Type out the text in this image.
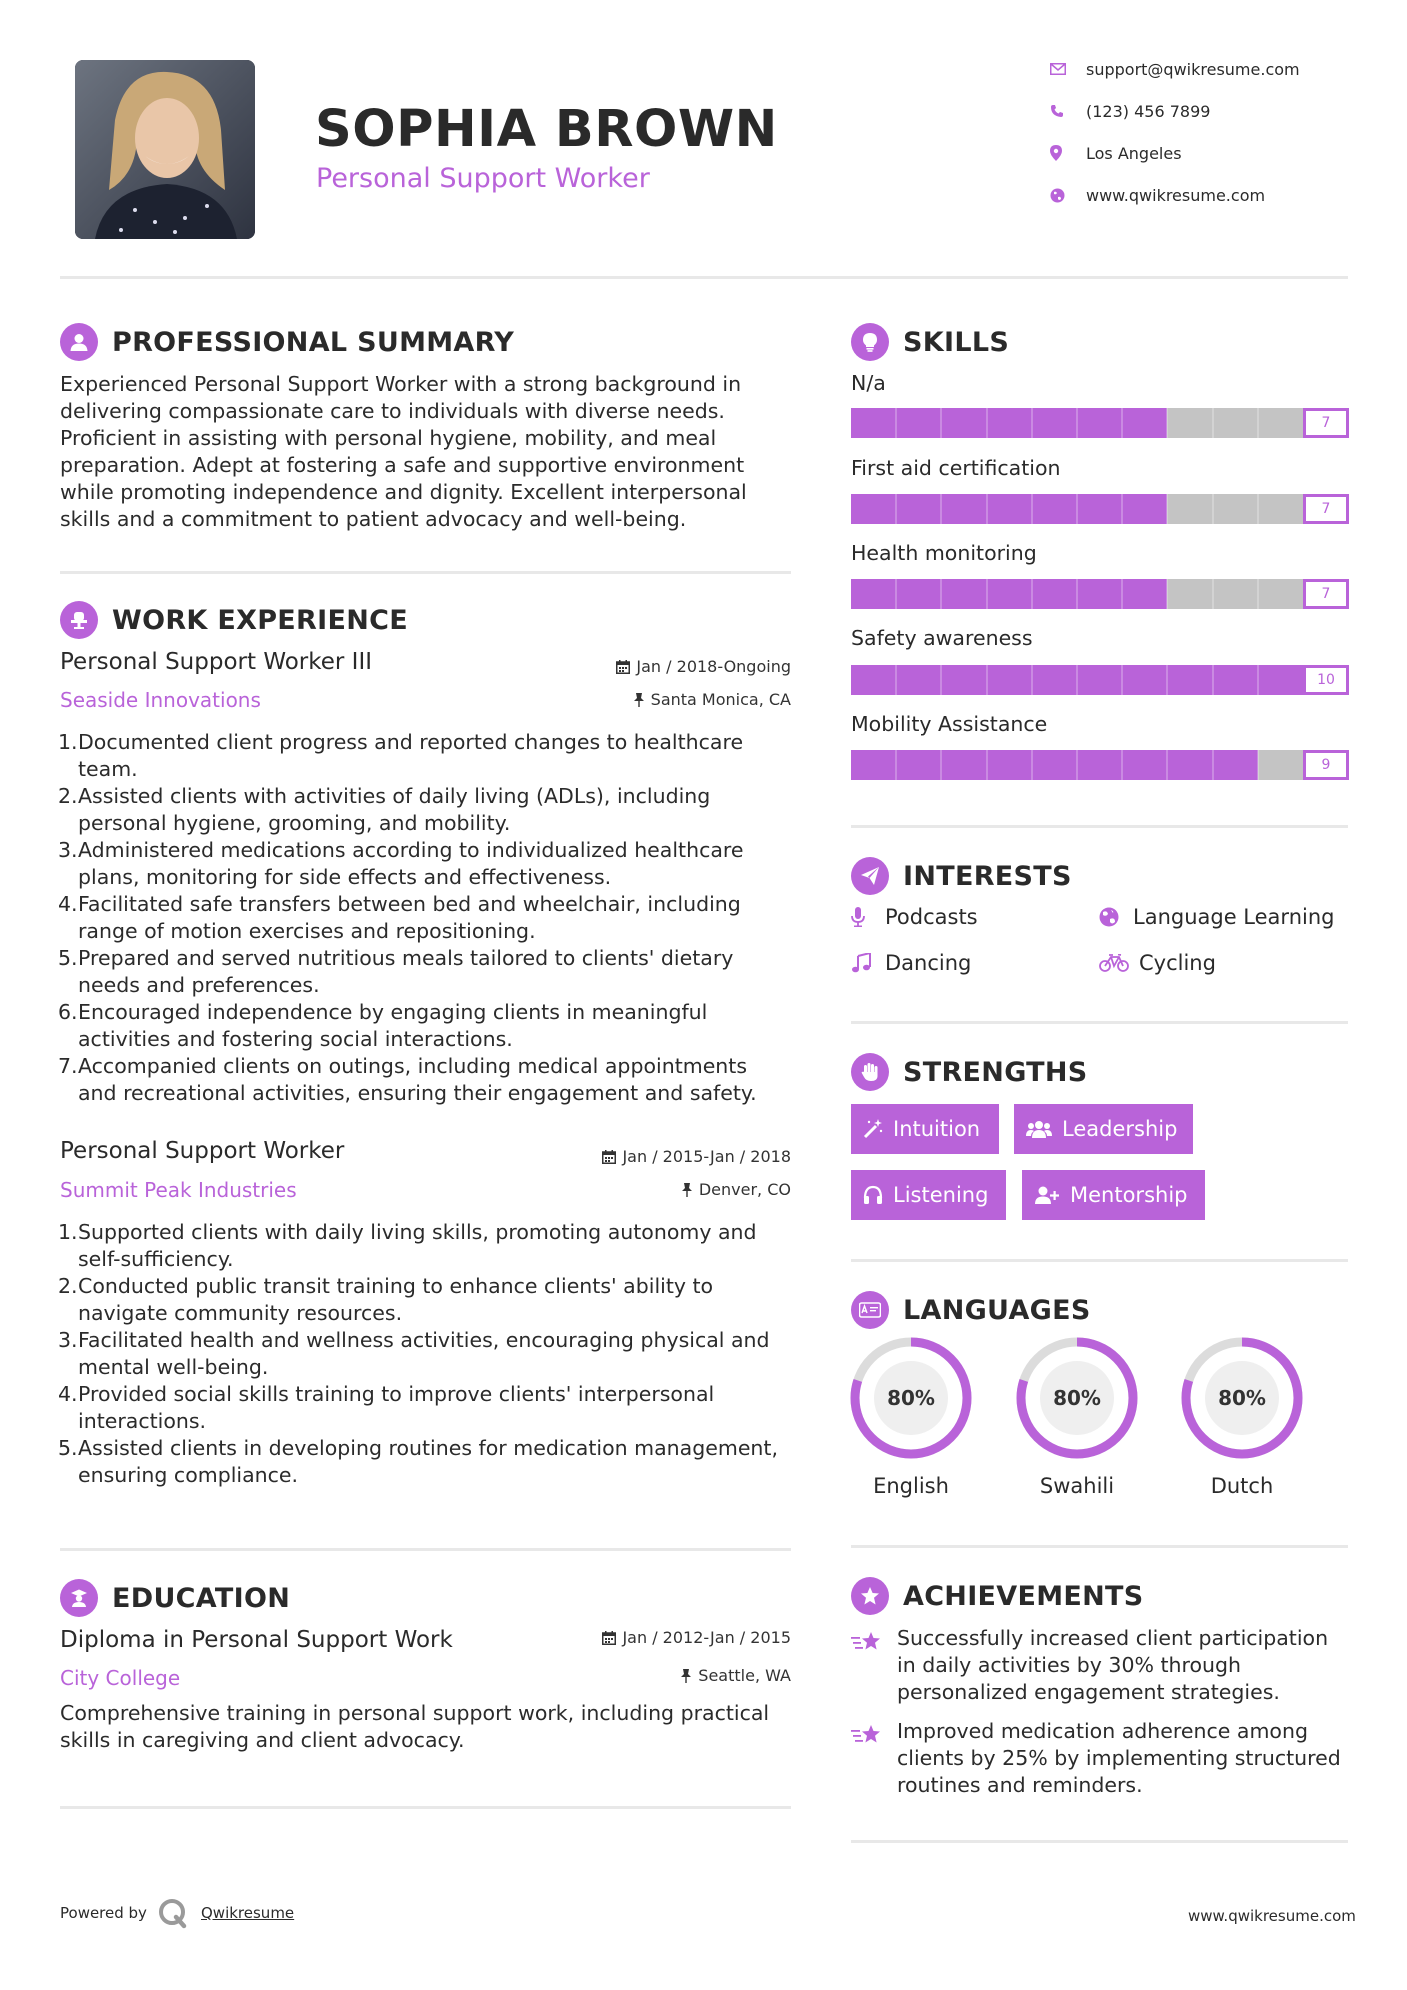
SOPHIA BROWN
Personal Support Worker
support@qwikresume.com
(123) 456 7899
Los Angeles
www.qwikresume.com
PROFESSIONAL SUMMARY
Experienced Personal Support Worker with a strong background in delivering compassionate care to individuals with diverse needs. Proficient in assisting with personal hygiene, mobility, and meal preparation. Adept at fostering a safe and supportive environment while promoting independence and dignity. Excellent interpersonal skills and a commitment to patient advocacy and well-being.
WORK EXPERIENCE
Personal Support Worker III	Jan / 2018-Ongoing
Seaside Innovations	Santa Monica, CA
1. Documented client progress and reported changes to healthcare team.
2. Assisted clients with activities of daily living (ADLs), including personal hygiene, grooming, and mobility.
3. Administered medications according to individualized healthcare plans, monitoring for side effects and effectiveness.
4. Facilitated safe transfers between bed and wheelchair, including range of motion exercises and repositioning.
5. Prepared and served nutritious meals tailored to clients' dietary needs and preferences.
6. Encouraged independence by engaging clients in meaningful activities and fostering social interactions.
7. Accompanied clients on outings, including medical appointments and recreational activities, ensuring their engagement and safety.
Personal Support Worker	Jan / 2015-Jan / 2018
Summit Peak Industries	Denver, CO
1. Supported clients with daily living skills, promoting autonomy and self-sufficiency.
2. Conducted public transit training to enhance clients' ability to navigate community resources.
3. Facilitated health and wellness activities, encouraging physical and mental well-being.
4. Provided social skills training to improve clients' interpersonal interactions.
5. Assisted clients in developing routines for medication management, ensuring compliance.
EDUCATION
Diploma in Personal Support Work	Jan / 2012-Jan / 2015
City College	Seattle, WA
Comprehensive training in personal support work, including practical skills in caregiving and client advocacy.
SKILLS
N/a
7
First aid certification
7
Health monitoring
7
Safety awareness
10
Mobility Assistance
9
INTERESTS
Podcasts	Language Learning
Dancing	Cycling
STRENGTHS
Intuition	Leadership
Listening	Mentorship
LANGUAGES
80%
English
80%
Swahili
80%
Dutch
ACHIEVEMENTS
Successfully increased client participation in daily activities by 30% through personalized engagement strategies.
Improved medication adherence among clients by 25% by implementing structured routines and reminders.
Powered by	Qwikresume	www.qwikresume.com
